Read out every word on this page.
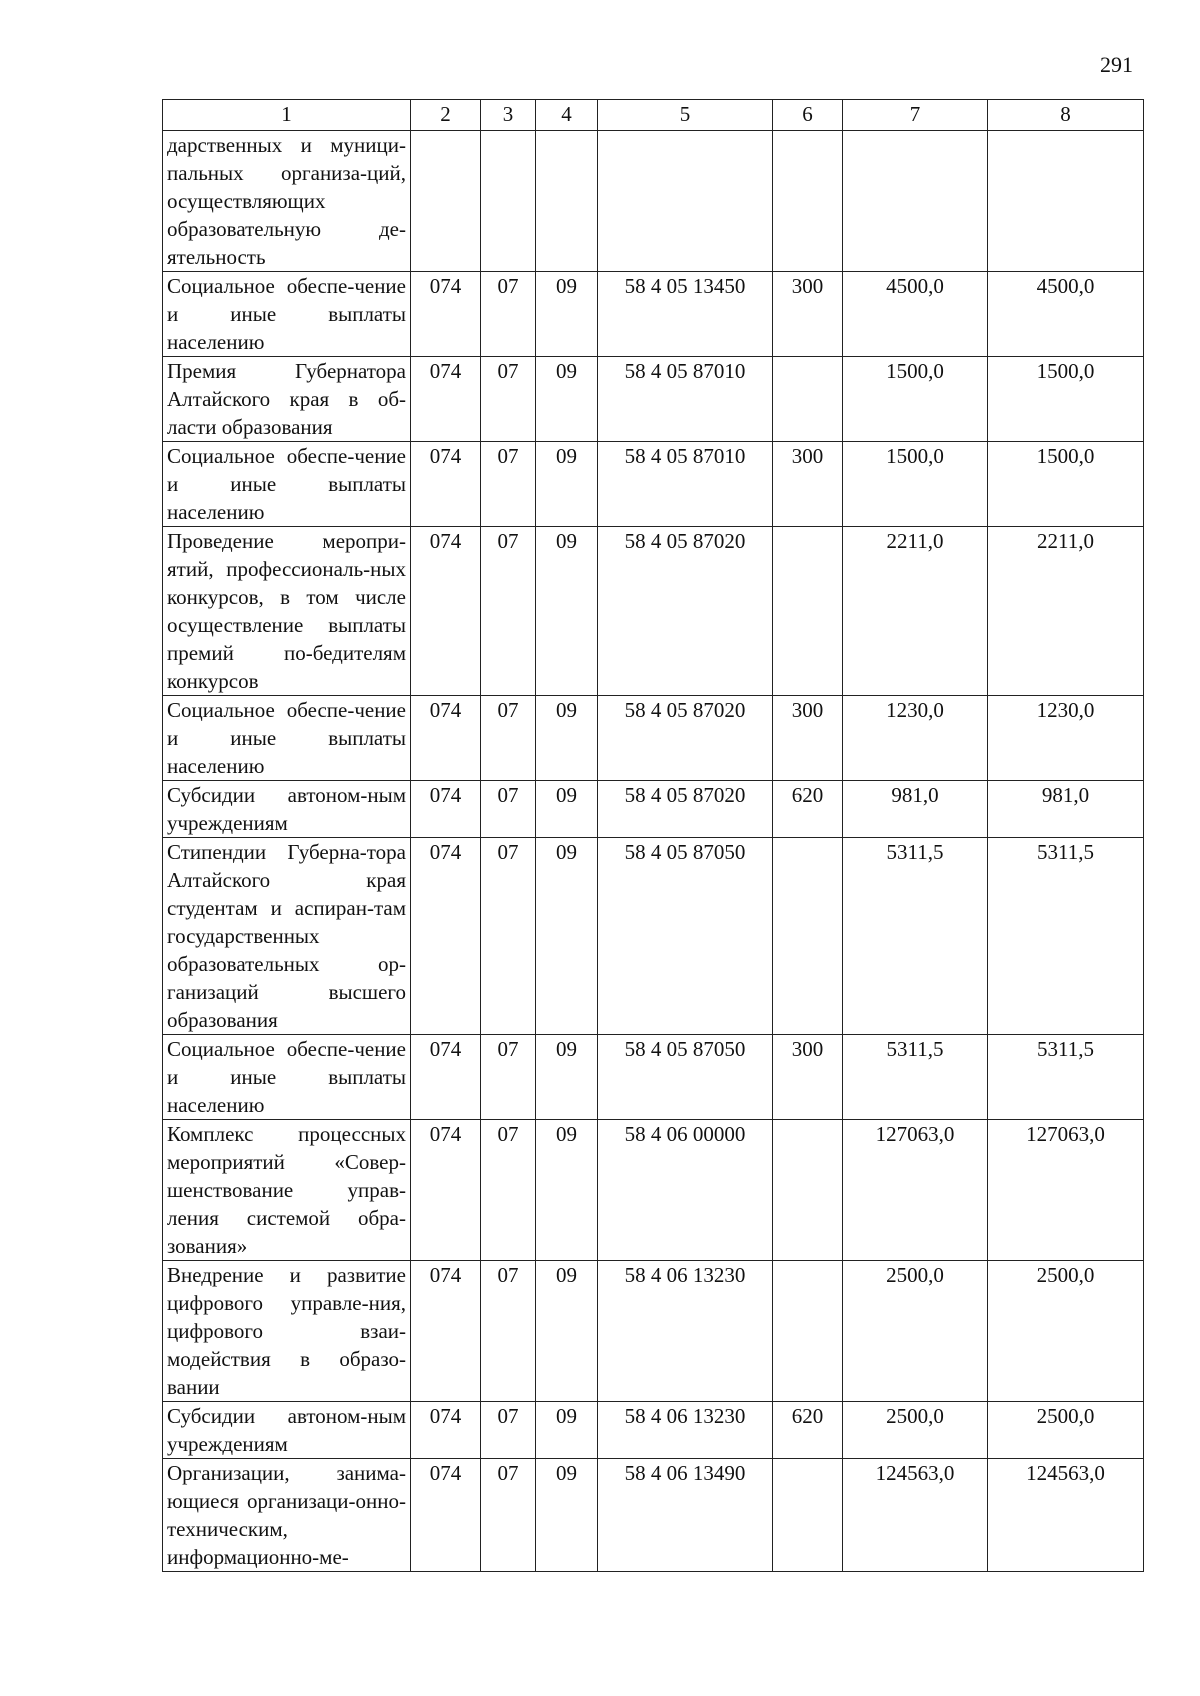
291
1	2	3	4	5	6	7	8
дарственных и муници-пальных организа-ций, осуществляющих образовательную де-ятельность							
Социальное обеспе-чение и иные выплаты населению	074	07	09	58 4 05 13450	300	4500,0	4500,0
Премия Губернатора Алтайского края в об-ласти образования	074	07	09	58 4 05 87010		1500,0	1500,0
Социальное обеспе-чение и иные выплаты населению	074	07	09	58 4 05 87010	300	1500,0	1500,0
Проведение меропри-ятий, профессиональ-ных конкурсов, в том числе осуществление выплаты премий по-бедителям конкурсов	074	07	09	58 4 05 87020		2211,0	2211,0
Социальное обеспе-чение и иные выплаты населению	074	07	09	58 4 05 87020	300	1230,0	1230,0
Субсидии автоном-ным учреждениям	074	07	09	58 4 05 87020	620	981,0	981,0
Стипендии Губерна-тора Алтайского края студентам и аспиран-там государственных образовательных ор-ганизаций высшего образования	074	07	09	58 4 05 87050		5311,5	5311,5
Социальное обеспе-чение и иные выплаты населению	074	07	09	58 4 05 87050	300	5311,5	5311,5
Комплекс процессных мероприятий «Совер-шенствование управ-ления системой обра-зования»	074	07	09	58 4 06 00000		127063,0	127063,0
Внедрение и развитие цифрового управле-ния, цифрового взаи-модействия в образо-вании	074	07	09	58 4 06 13230		2500,0	2500,0
Субсидии автоном-ным учреждениям	074	07	09	58 4 06 13230	620	2500,0	2500,0
Организации, занима-ющиеся организаци-онно-техническим, информационно-ме-	074	07	09	58 4 06 13490		124563,0	124563,0
